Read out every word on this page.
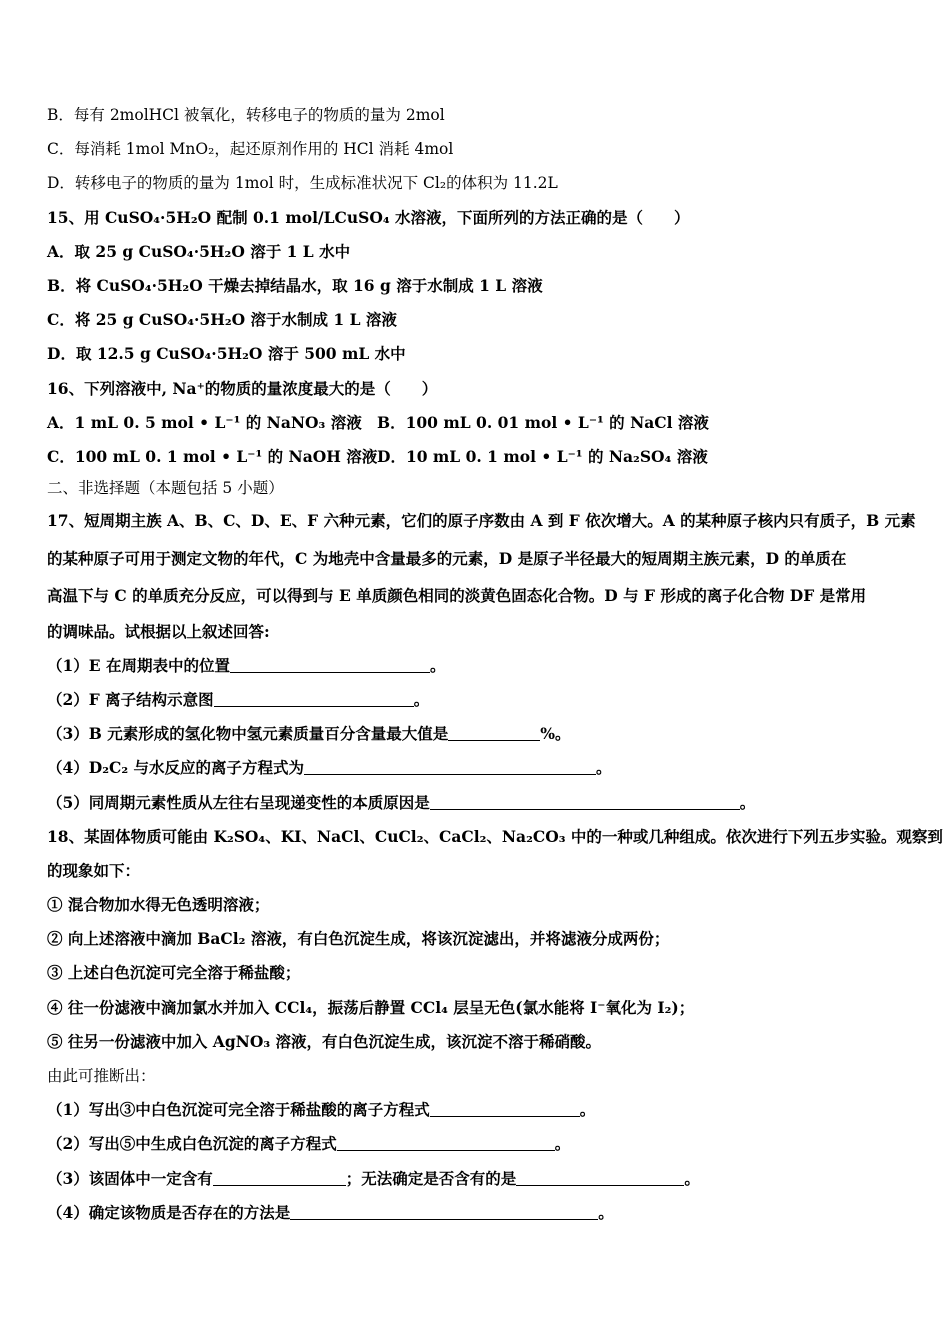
B．每有 2molHCl 被氧化，转移电子的物质的量为 2mol
C．每消耗 1mol MnO₂，起还原剂作用的 HCl 消耗 4mol
D．转移电子的物质的量为 1mol 时，生成标准状况下 Cl₂的体积为 11.2L
15、用 CuSO₄·5H₂O 配制 0.1 mol/LCuSO₄ 水溶液，下面所列的方法正确的是（　　）
A．取 25 g CuSO₄·5H₂O 溶于 1 L 水中
B．将 CuSO₄·5H₂O 干燥去掉结晶水，取 16 g 溶于水制成 1 L 溶液
C．将 25 g CuSO₄·5H₂O 溶于水制成 1 L 溶液
D．取 12.5 g CuSO₄·5H₂O 溶于 500 mL 水中
16、下列溶液中, Na⁺的物质的量浓度最大的是（　　）
A．1 mL 0. 5 mol • L⁻¹ 的 NaNO₃ 溶液 B．100 mL 0. 01 mol • L⁻¹ 的 NaCl 溶液
C．100 mL 0. 1 mol • L⁻¹ 的 NaOH 溶液 D．10 mL 0. 1 mol • L⁻¹ 的 Na₂SO₄ 溶液
二、非选择题（本题包括 5 小题）
17、短周期主族 A、B、C、D、E、F 六种元素，它们的原子序数由 A 到 F 依次增大。A 的某种原子核内只有质子，B 元素
的某种原子可用于测定文物的年代，C 为地壳中含量最多的元素，D 是原子半径最大的短周期主族元素，D 的单质在
高温下与 C 的单质充分反应，可以得到与 E 单质颜色相同的淡黄色固态化合物。D 与 F 形成的离子化合物 DF 是常用
的调味品。试根据以上叙述回答:
（1）E 在周期表中的位置	。
（2）F 离子结构示意图	。
（3）B 元素形成的氢化物中氢元素质量百分含量最大值是	%。
（4）D₂C₂ 与水反应的离子方程式为	。
（5）同周期元素性质从左往右呈现递变性的本质原因是	。
18、某固体物质可能由 K₂SO₄、KI、NaCl、CuCl₂、CaCl₂、Na₂CO₃ 中的一种或几种组成。依次进行下列五步实验。观察到
的现象如下：
① 混合物加水得无色透明溶液；
② 向上述溶液中滴加 BaCl₂ 溶液，有白色沉淀生成，将该沉淀滤出，并将滤液分成两份；
③ 上述白色沉淀可完全溶于稀盐酸；
④ 往一份滤液中滴加氯水并加入 CCl₄，振荡后静置 CCl₄ 层呈无色(氯水能将 I⁻氧化为 I₂)；
⑤ 往另一份滤液中加入 AgNO₃ 溶液，有白色沉淀生成，该沉淀不溶于稀硝酸。
由此可推断出：
（1）写出③中白色沉淀可完全溶于稀盐酸的离子方程式	。
（2）写出⑤中生成白色沉淀的离子方程式	。
（3）该固体中一定含有	；无法确定是否含有的是	。
（4）确定该物质是否存在的方法是	。
